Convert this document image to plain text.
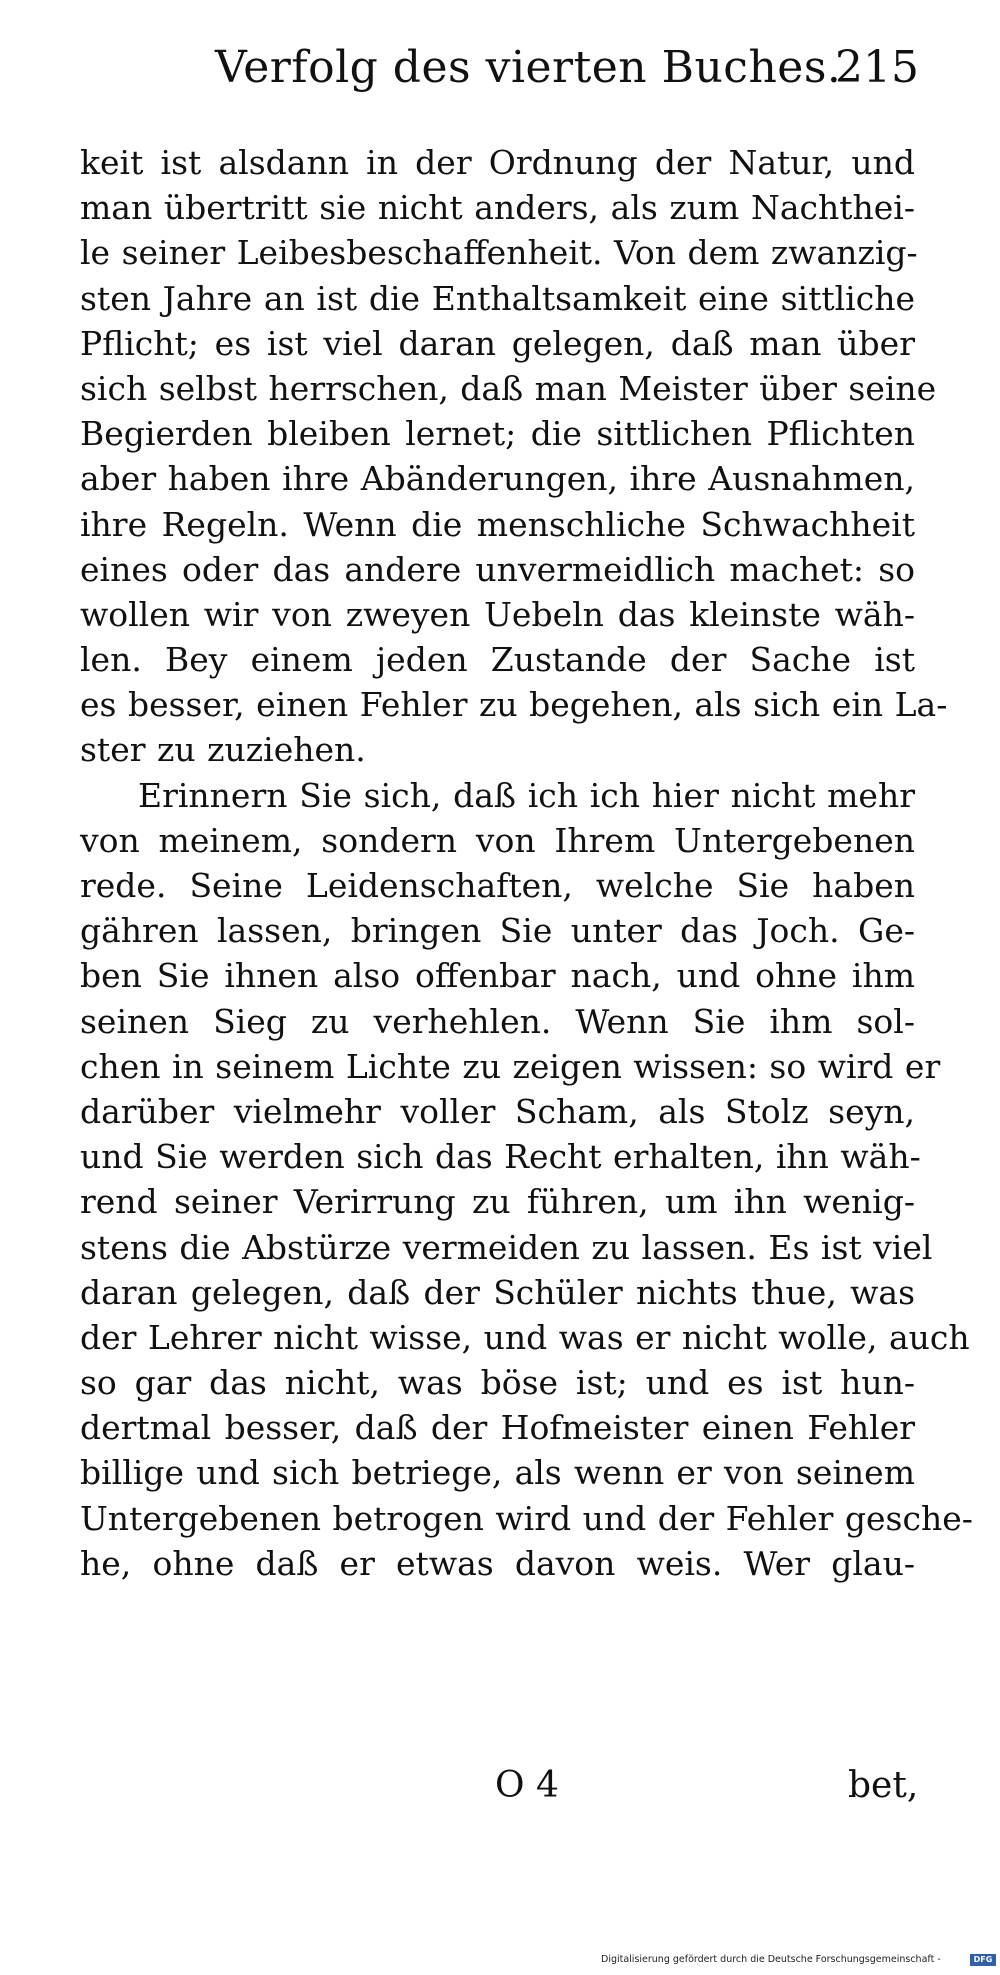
Verfolg des vierten Buches.
215
keit ist alsdann in der Ordnung der Natur, und
man übertritt sie nicht anders, als zum Nachthei-
le seiner Leibesbeschaffenheit. Von dem zwanzig-
sten Jahre an ist die Enthaltsamkeit eine sittliche
Pflicht; es ist viel daran gelegen, daß man über
sich selbst herrschen, daß man Meister über seine
Begierden bleiben lernet; die sittlichen Pflichten
aber haben ihre Abänderungen, ihre Ausnahmen,
ihre Regeln. Wenn die menschliche Schwachheit
eines oder das andere unvermeidlich machet: so
wollen wir von zweyen Uebeln das kleinste wäh-
len. Bey einem jeden Zustande der Sache ist
es besser, einen Fehler zu begehen, als sich ein La-
ster zu zuziehen.
Erinnern Sie sich, daß ich ich hier nicht mehr
von meinem, sondern von Ihrem Untergebenen
rede. Seine Leidenschaften, welche Sie haben
gähren lassen, bringen Sie unter das Joch. Ge-
ben Sie ihnen also offenbar nach, und ohne ihm
seinen Sieg zu verhehlen. Wenn Sie ihm sol-
chen in seinem Lichte zu zeigen wissen: so wird er
darüber vielmehr voller Scham, als Stolz seyn,
und Sie werden sich das Recht erhalten, ihn wäh-
rend seiner Verirrung zu führen, um ihn wenig-
stens die Abstürze vermeiden zu lassen. Es ist viel
daran gelegen, daß der Schüler nichts thue, was
der Lehrer nicht wisse, und was er nicht wolle, auch
so gar das nicht, was böse ist; und es ist hun-
dertmal besser, daß der Hofmeister einen Fehler
billige und sich betriege, als wenn er von seinem
Untergebenen betrogen wird und der Fehler gesche-
he, ohne daß er etwas davon weis. Wer glau-
O 4	bet,
Digitalisierung gefördert durch die Deutsche Forschungsgemeinschaft -	DFG
